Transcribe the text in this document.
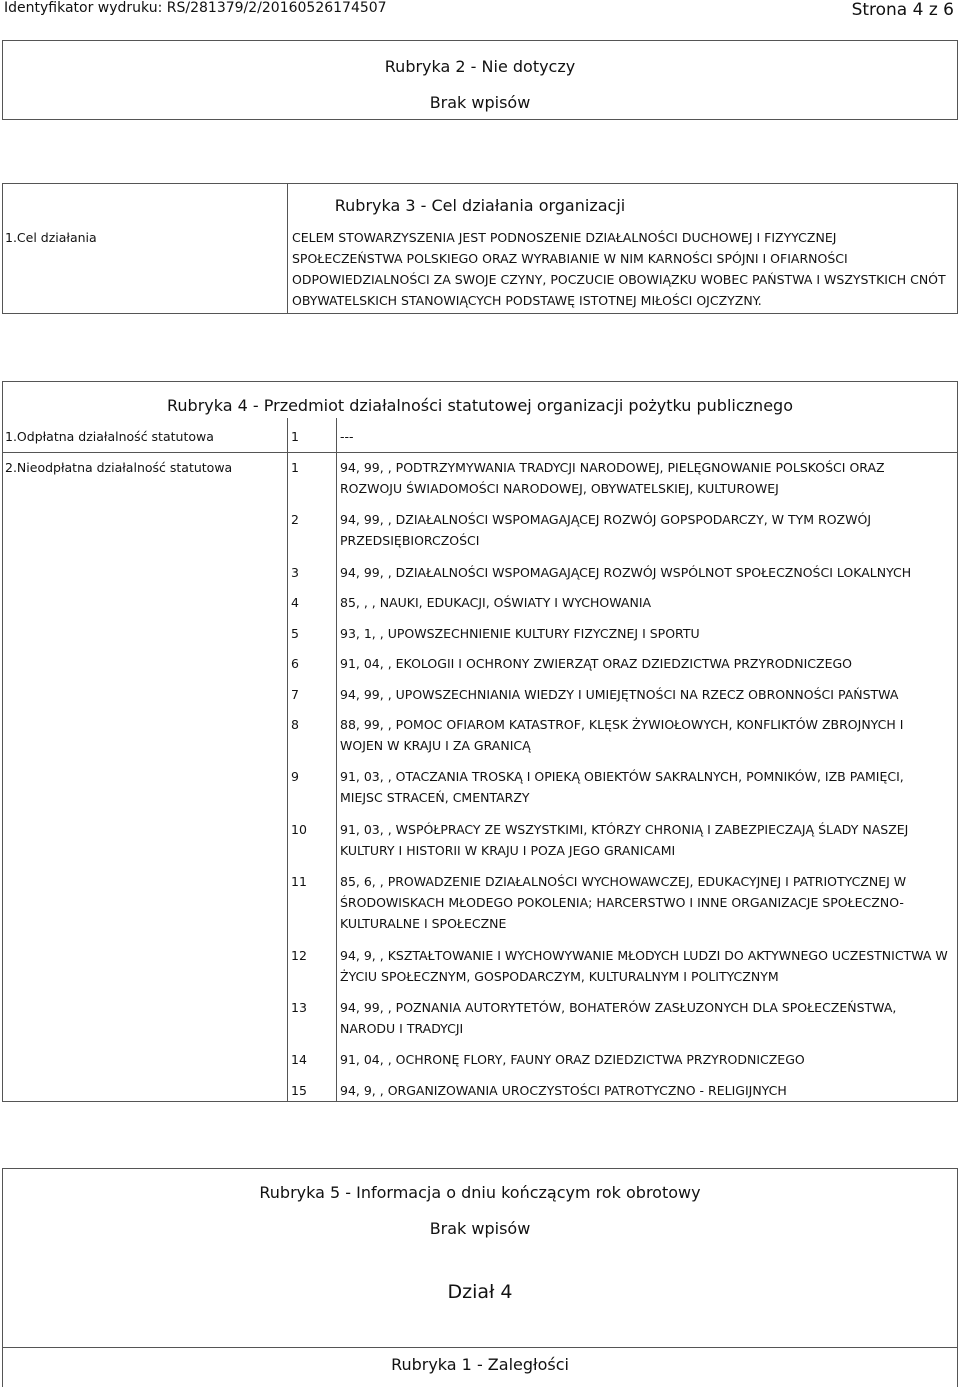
Identyfikator wydruku: RS/281379/2/20160526174507	Strona 4 z 6
Rubryka 2 - Nie dotyczy
Brak wpisów
Rubryka 3 - Cel działania organizacji
1.Cel działania	CELEM STOWARZYSZENIA JEST PODNOSZENIE DZIAŁALNOŚCI DUCHOWEJ I FIZYYCZNEJ SPOŁECZEŃSTWA POLSKIEGO ORAZ WYRABIANIE W NIM KARNOŚCI SPÓJNI I OFIARNOŚCI ODPOWIEDZIALNOŚCI ZA SWOJE CZYNY, POCZUCIE OBOWIĄZKU WOBEC PAŃSTWA I WSZYSTKICH CNÓT OBYWATELSKICH STANOWIĄCYCH PODSTAWĘ ISTOTNEJ MIŁOŚCI OJCZYZNY.
Rubryka 4 - Przedmiot działalności statutowej organizacji pożytku publicznego
1.Odpłatna działalność statutowa	1	---
2.Nieodpłatna działalność statutowa	1	94, 99, , PODTRZYMYWANIA TRADYCJI NARODOWEJ, PIELĘGNOWANIE POLSKOŚCI ORAZ ROZWOJU ŚWIADOMOŚCI NARODOWEJ, OBYWATELSKIEJ, KULTUROWEJ
2	94, 99, , DZIAŁALNOŚCI WSPOMAGAJĄCEJ ROZWÓJ GOPSPODARCZY, W TYM ROZWÓJ PRZEDSIĘBIORCZOŚCI
3	94, 99, , DZIAŁALNOŚCI WSPOMAGAJĄCEJ ROZWÓJ WSPÓLNOT SPOŁECZNOŚCI LOKALNYCH
4	85, , , NAUKI, EDUKACJI, OŚWIATY I WYCHOWANIA
5	93, 1, , UPOWSZECHNIENIE KULTURY FIZYCZNEJ I SPORTU
6	91, 04, , EKOLOGII I OCHRONY ZWIERZĄT ORAZ DZIEDZICTWA PRZYRODNICZEGO
7	94, 99, , UPOWSZECHNIANIA WIEDZY I UMIEJĘTNOŚCI NA RZECZ OBRONNOŚCI PAŃSTWA
8	88, 99, , POMOC OFIAROM KATASTROF, KLĘSK ŻYWIOŁOWYCH, KONFLIKTÓW ZBROJNYCH I WOJEN W KRAJU I ZA GRANICĄ
9	91, 03, , OTACZANIA TROSKĄ I OPIEKĄ OBIEKTÓW SAKRALNYCH, POMNIKÓW, IZB PAMIĘCI, MIEJSC STRACEŃ, CMENTARZY
10	91, 03, , WSPÓŁPRACY ZE WSZYSTKIMI, KTÓRZY CHRONIĄ I ZABEZPIECZAJĄ ŚLADY NASZEJ KULTURY I HISTORII W KRAJU I POZA JEGO GRANICAMI
11	85, 6, , PROWADZENIE DZIAŁALNOŚCI WYCHOWAWCZEJ, EDUKACYJNEJ I PATRIOTYCZNEJ W ŚRODOWISKACH MŁODEGO POKOLENIA; HARCERSTWO I INNE ORGANIZACJE SPOŁECZNO-KULTURALNE I SPOŁECZNE
12	94, 9, , KSZTAŁTOWANIE I WYCHOWYWANIE MŁODYCH LUDZI DO AKTYWNEGO UCZESTNICTWA W ŻYCIU SPOŁECZNYM, GOSPODARCZYM, KULTURALNYM I POLITYCZNYM
13	94, 99, , POZNANIA AUTORYTETÓW, BOHATERÓW ZASŁUZONYCH DLA SPOŁECZEŃSTWA, NARODU I TRADYCJI
14	91, 04, , OCHRONĘ FLORY, FAUNY ORAZ DZIEDZICTWA PRZYRODNICZEGO
15	94, 9, , ORGANIZOWANIA UROCZYSTOŚCI PATROTYCZNO - RELIGIJNYCH
Rubryka 5 - Informacja o dniu kończącym rok obrotowy
Brak wpisów
Dział 4
Rubryka 1 - Zaległości
